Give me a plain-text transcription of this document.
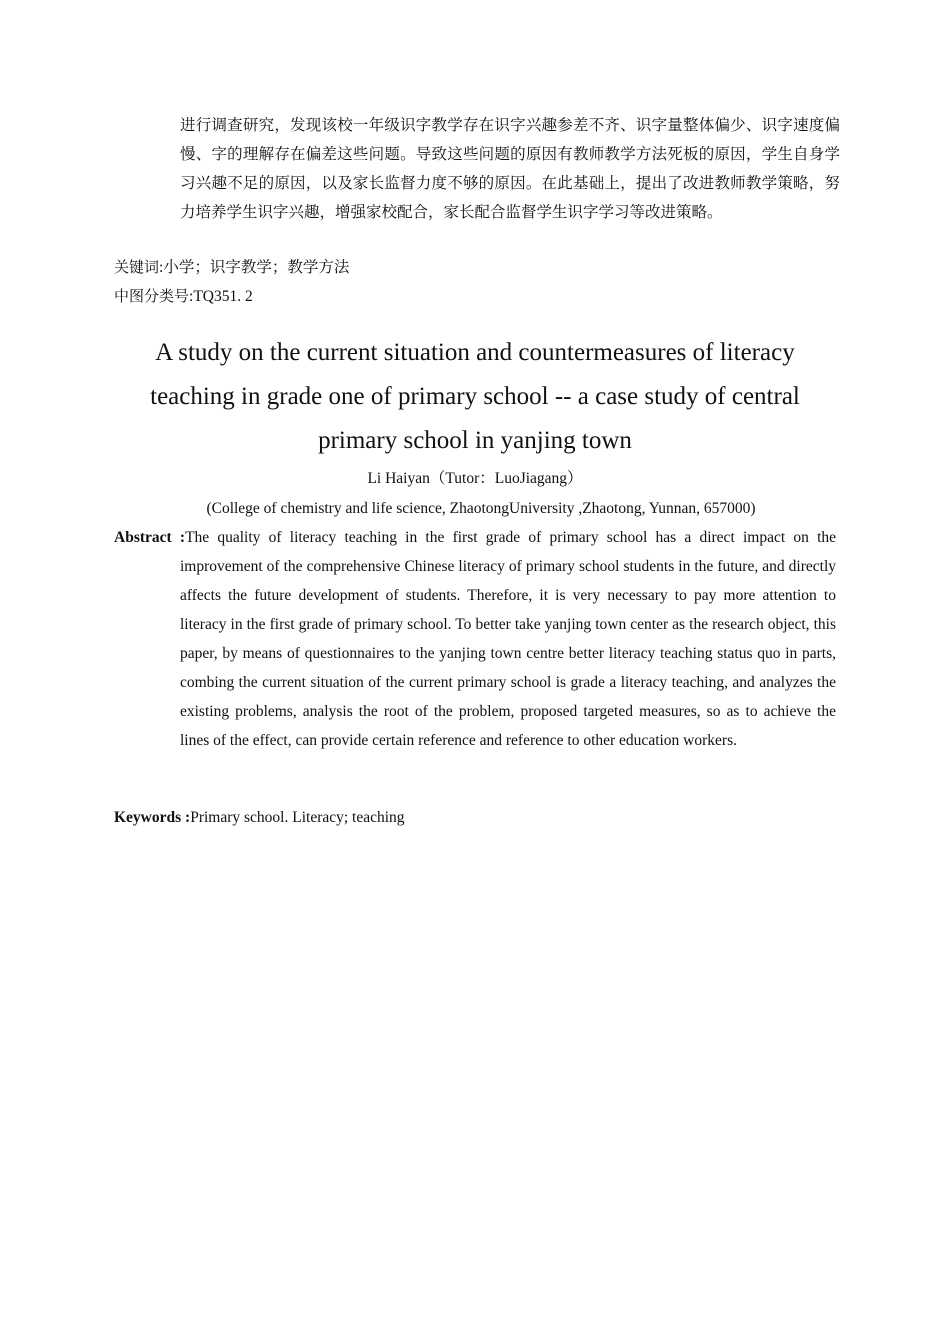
进行调查研究，发现该校一年级识字教学存在识字兴趣参差不齐、识字量整体偏少、识字速度偏慢、字的理解存在偏差这些问题。导致这些问题的原因有教师教学方法死板的原因，学生自身学习兴趣不足的原因，以及家长监督力度不够的原因。在此基础上，提出了改进教师教学策略，努力培养学生识字兴趣，增强家校配合，家长配合监督学生识字学习等改进策略。
关键词:小学；识字教学；教学方法
中图分类号:TQ351. 2
A study on the current situation and countermeasures of literacy teaching in grade one of primary school -- a case study of central primary school in yanjing town
Li Haiyan（Tutor：LuoJiagang）
(College of chemistry and life science, ZhaotongUniversity ,Zhaotong, Yunnan, 657000)
Abstract :The quality of literacy teaching in the first grade of primary school has a direct impact on the improvement of the comprehensive Chinese literacy of primary school students in the future, and directly affects the future development of students. Therefore, it is very necessary to pay more attention to literacy in the first grade of primary school. To better take yanjing town center as the research object, this paper, by means of questionnaires to the yanjing town centre better literacy teaching status quo in parts, combing the current situation of the current primary school is grade a literacy teaching, and analyzes the existing problems, analysis the root of the problem, proposed targeted measures, so as to achieve the lines of the effect, can provide certain reference and reference to other education workers.
Keywords :Primary school. Literacy; teaching
